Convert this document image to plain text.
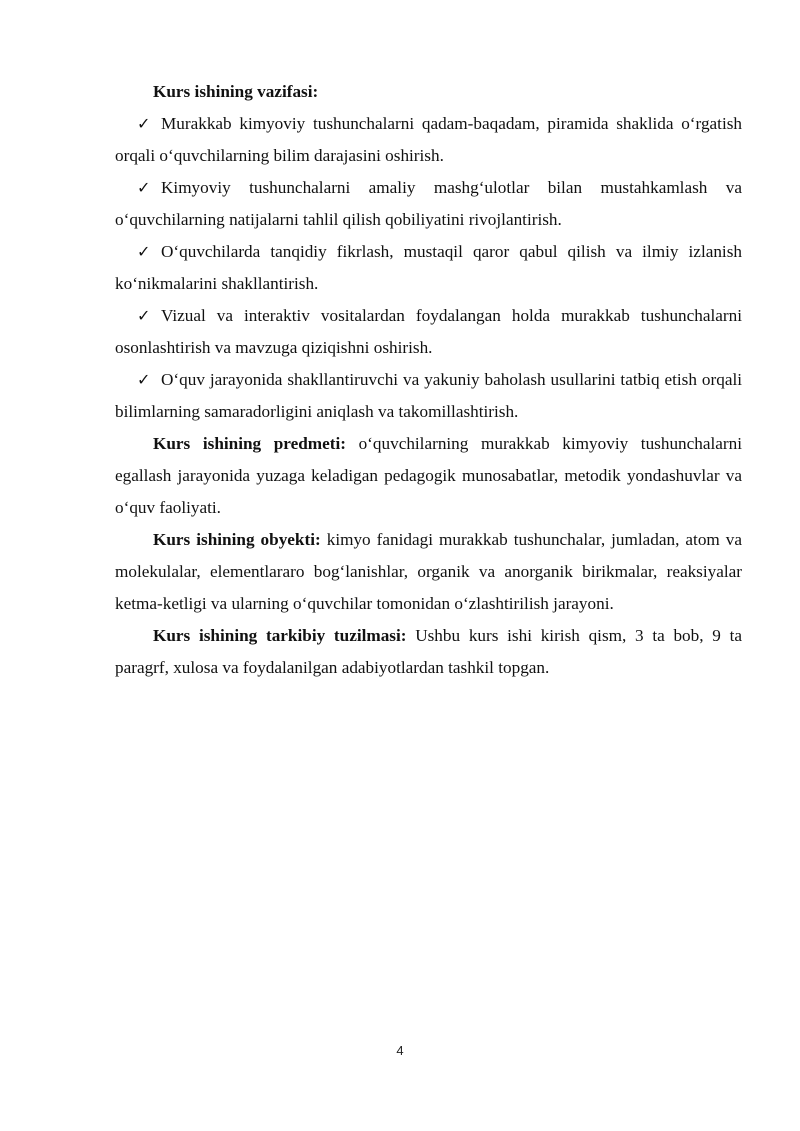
Kurs ishining vazifasi:

✓ Murakkab kimyoviy tushunchalarni qadam-baqadam, piramida shaklida o‘rgatish orqali o‘quvchilarning bilim darajasini oshirish.

✓ Kimyoviy tushunchalarni amaliy mashg‘ulotlar bilan mustahkamlash va o‘quvchilarning natijalarni tahlil qilish qobiliyatini rivojlantirish.

✓ O‘quvchilarda tanqidiy fikrlash, mustaqil qaror qabul qilish va ilmiy izlanish ko‘nikmalarini shakllantirish.

✓ Vizual va interaktiv vositalardan foydalangan holda murakkab tushunchalarni osonlashtirish va mavzuga qiziqishni oshirish.

✓ O‘quv jarayonida shakllantiruvchi va yakuniy baholash usullarini tatbiq etish orqali bilimlarning samaradorligini aniqlash va takomillashtirish.

Kurs ishining predmeti: o‘quvchilarning murakkab kimyoviy tushunchalarni egallash jarayonida yuzaga keladigan pedagogik munosabatlar, metodik yondashuvlar va o‘quv faoliyati.

Kurs ishining obyekti: kimyo fanidagi murakkab tushunchalar, jumladan, atom va molekulalar, elementlararo bog‘lanishlar, organik va anorganik birikmalar, reaksiyalar ketma-ketligi va ularning o‘quvchilar tomonidan o‘zlashtirilish jarayoni.

Kurs ishining tarkibiy tuzilmasi: Ushbu kurs ishi kirish qism, 3 ta bob, 9 ta paragrf, xulosa va foydalanilgan adabiyotlardan tashkil topgan.

4
